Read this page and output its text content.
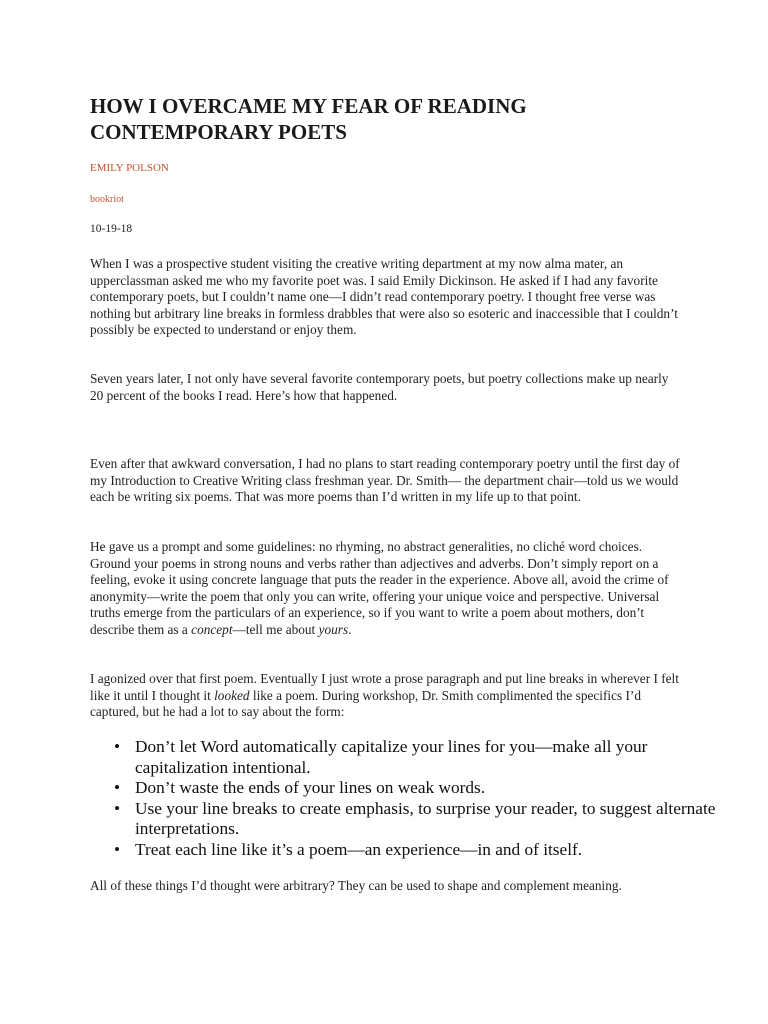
HOW I OVERCAME MY FEAR OF READING CONTEMPORARY POETS
EMILY POLSON
bookriot
10-19-18

When I was a prospective student visiting the creative writing department at my now alma mater, an upperclassman asked me who my favorite poet was. I said Emily Dickinson. He asked if I had any favorite contemporary poets, but I couldn’t name one—I didn’t read contemporary poetry. I thought free verse was nothing but arbitrary line breaks in formless drabbles that were also so esoteric and inaccessible that I couldn’t possibly be expected to understand or enjoy them.

Seven years later, I not only have several favorite contemporary poets, but poetry collections make up nearly 20 percent of the books I read. Here’s how that happened.

Even after that awkward conversation, I had no plans to start reading contemporary poetry until the first day of my Introduction to Creative Writing class freshman year. Dr. Smith— the department chair—told us we would each be writing six poems. That was more poems than I’d written in my life up to that point.

He gave us a prompt and some guidelines: no rhyming, no abstract generalities, no cliché word choices. Ground your poems in strong nouns and verbs rather than adjectives and adverbs. Don’t simply report on a feeling, evoke it using concrete language that puts the reader in the experience. Above all, avoid the crime of anonymity—write the poem that only you can write, offering your unique voice and perspective. Universal truths emerge from the particulars of an experience, so if you want to write a poem about mothers, don’t describe them as a concept—tell me about yours.

I agonized over that first poem. Eventually I just wrote a prose paragraph and put line breaks in wherever I felt like it until I thought it looked like a poem. During workshop, Dr. Smith complimented the specifics I’d captured, but he had a lot to say about the form:

• Don’t let Word automatically capitalize your lines for you—make all your capitalization intentional.
• Don’t waste the ends of your lines on weak words.
• Use your line breaks to create emphasis, to surprise your reader, to suggest alternate interpretations.
• Treat each line like it’s a poem—an experience—in and of itself.

All of these things I’d thought were arbitrary? They can be used to shape and complement meaning.
